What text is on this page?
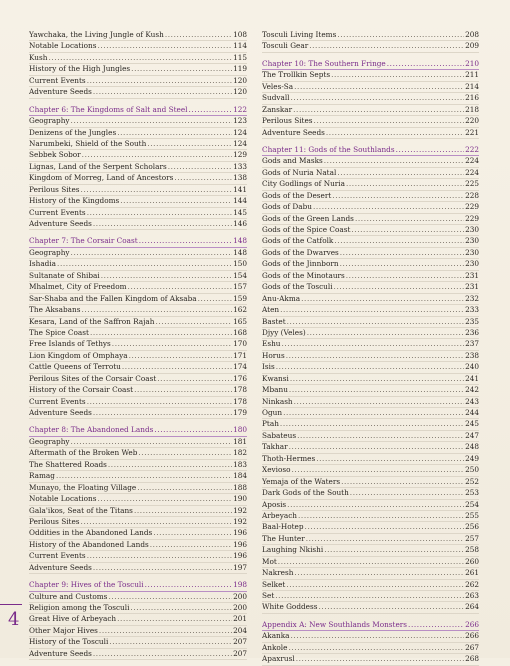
Yawchaka, the Living Jungle of Kush .....	108
Notable Locations .....	114
Kush .....	115
History of the High Jungles .....	119
Current Events .....	120
Adventure Seeds .....	120
Chapter 6: The Kingdoms of Salt and Steel .....	122
Geography .....	123
Denizens of the Jungles .....	124
Narumbeki, Shield of the South .....	124
Sebbek Sobor .....	129
Lignas, Land of the Serpent Scholars .....	133
Kingdom of Morreg, Land of Ancestors .....	138
Perilous Sites .....	141
History of the Kingdoms .....	144
Current Events .....	145
Adventure Seeds .....	146
Chapter 7: The Corsair Coast .....	148
Geography .....	148
Ishadia .....	150
Sultanate of Shibai .....	154
Mhalmet, City of Freedom .....	157
Sar-Shaba and the Fallen Kingdom of Aksaba .....	159
The Aksabans .....	162
Kesara, Land of the Saffron Rajah .....	165
The Spice Coast .....	168
Free Islands of Tethys .....	170
Lion Kingdom of Omphaya .....	171
Cattle Queens of Terrotu .....	174
Perilous Sites of the Corsair Coast .....	176
History of the Corsair Coast .....	178
Current Events .....	178
Adventure Seeds .....	179
Chapter 8: The Abandoned Lands .....	180
Geography .....	181
Aftermath of the Broken Web .....	182
The Shattered Roads .....	183
Ramag .....	184
Munayo, the Floating Village .....	188
Notable Locations .....	190
Gala'ikos, Seat of the Titans .....	192
Perilous Sites .....	192
Oddities in the Abandoned Lands .....	196
History of the Abandoned Lands .....	196
Current Events .....	196
Adventure Seeds .....	197
Chapter 9: Hives of the Tosculi .....	198
Culture and Customs .....	200
Religion among the Tosculi .....	200
Great Hive of Arbeyach .....	201
Other Major Hives .....	204
History of the Tosculi .....	207
Adventure Seeds .....	207
Tosculi Living Items .....	208
Tosculi Gear .....	209
Chapter 10: The Southern Fringe .....	210
The Trollkin Septs .....	211
Veles-Sa .....	214
Sudvall .....	216
Zanskar .....	218
Perilous Sites .....	220
Adventure Seeds .....	221
Chapter 11: Gods of the Southlands .....	222
Gods and Masks .....	224
Gods of Nuria Natal .....	224
City Godlings of Nuria .....	225
Gods of the Desert .....	228
Gods of Dabu .....	229
Gods of the Green Lands .....	229
Gods of the Spice Coast .....	230
Gods of the Catfolk .....	230
Gods of the Dwarves .....	230
Gods of the Jinnborn .....	230
Gods of the Minotaurs .....	231
Gods of the Tosculi .....	231
Anu-Akma .....	232
Aten .....	233
Bastet .....	235
Djyy (Veles) .....	236
Eshu .....	237
Horus .....	238
Isis .....	240
Kwansi .....	241
Mbanu .....	242
Ninkash .....	243
Ogun .....	244
Ptah .....	245
Sabateus .....	247
Takhar .....	248
Thoth-Hermes .....	249
Xevioso .....	250
Yemaja of the Waters .....	252
Dark Gods of the South .....	253
Aposis .....	254
Arbeyach .....	255
Baal-Hotep .....	256
The Hunter .....	257
Laughing Nkishi .....	258
Mot .....	260
Nakresh .....	261
Selket .....	262
Set .....	263
White Goddess .....	264
Appendix A: New Southlands Monsters .....	266
Akanka .....	266
Ankole .....	267
Apaxrusl .....	268
4
